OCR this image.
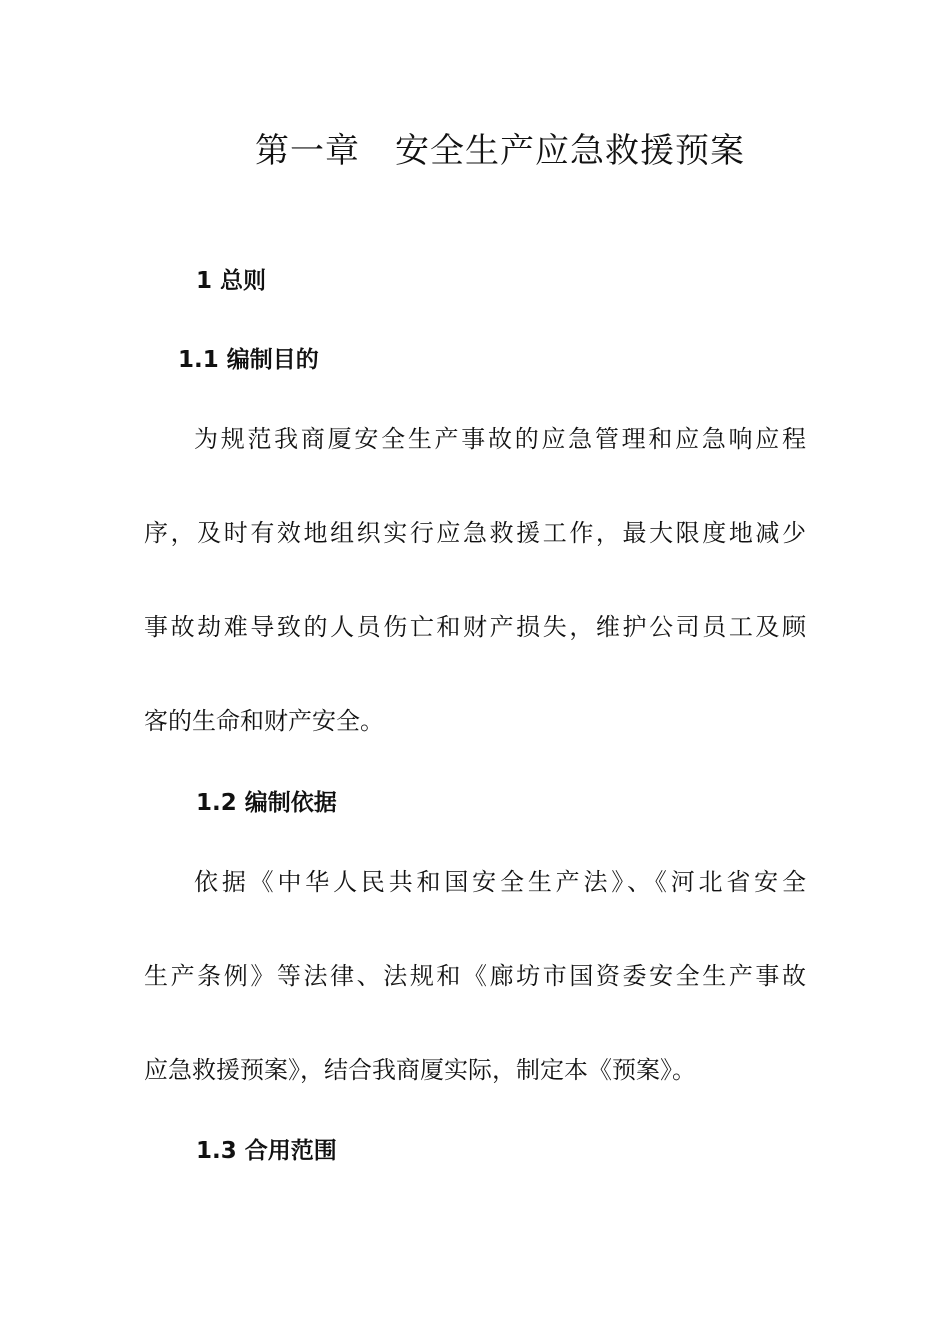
第一章　安全生产应急救援预案
1 总则
1.1 编制目的
为规范我商厦安全生产事故的应急管理和应急响应程
序，及时有效地组织实行应急救援工作，最大限度地减少
事故劫难导致的人员伤亡和财产损失，维护公司员工及顾
客的生命和财产安全。
1.2 编制依据
依据《中华人民共和国安全生产法》、《河北省安全
生产条例》等法律、法规和《廊坊市国资委安全生产事故
应急救援预案》，结合我商厦实际，制定本《预案》。
1.3 合用范围
